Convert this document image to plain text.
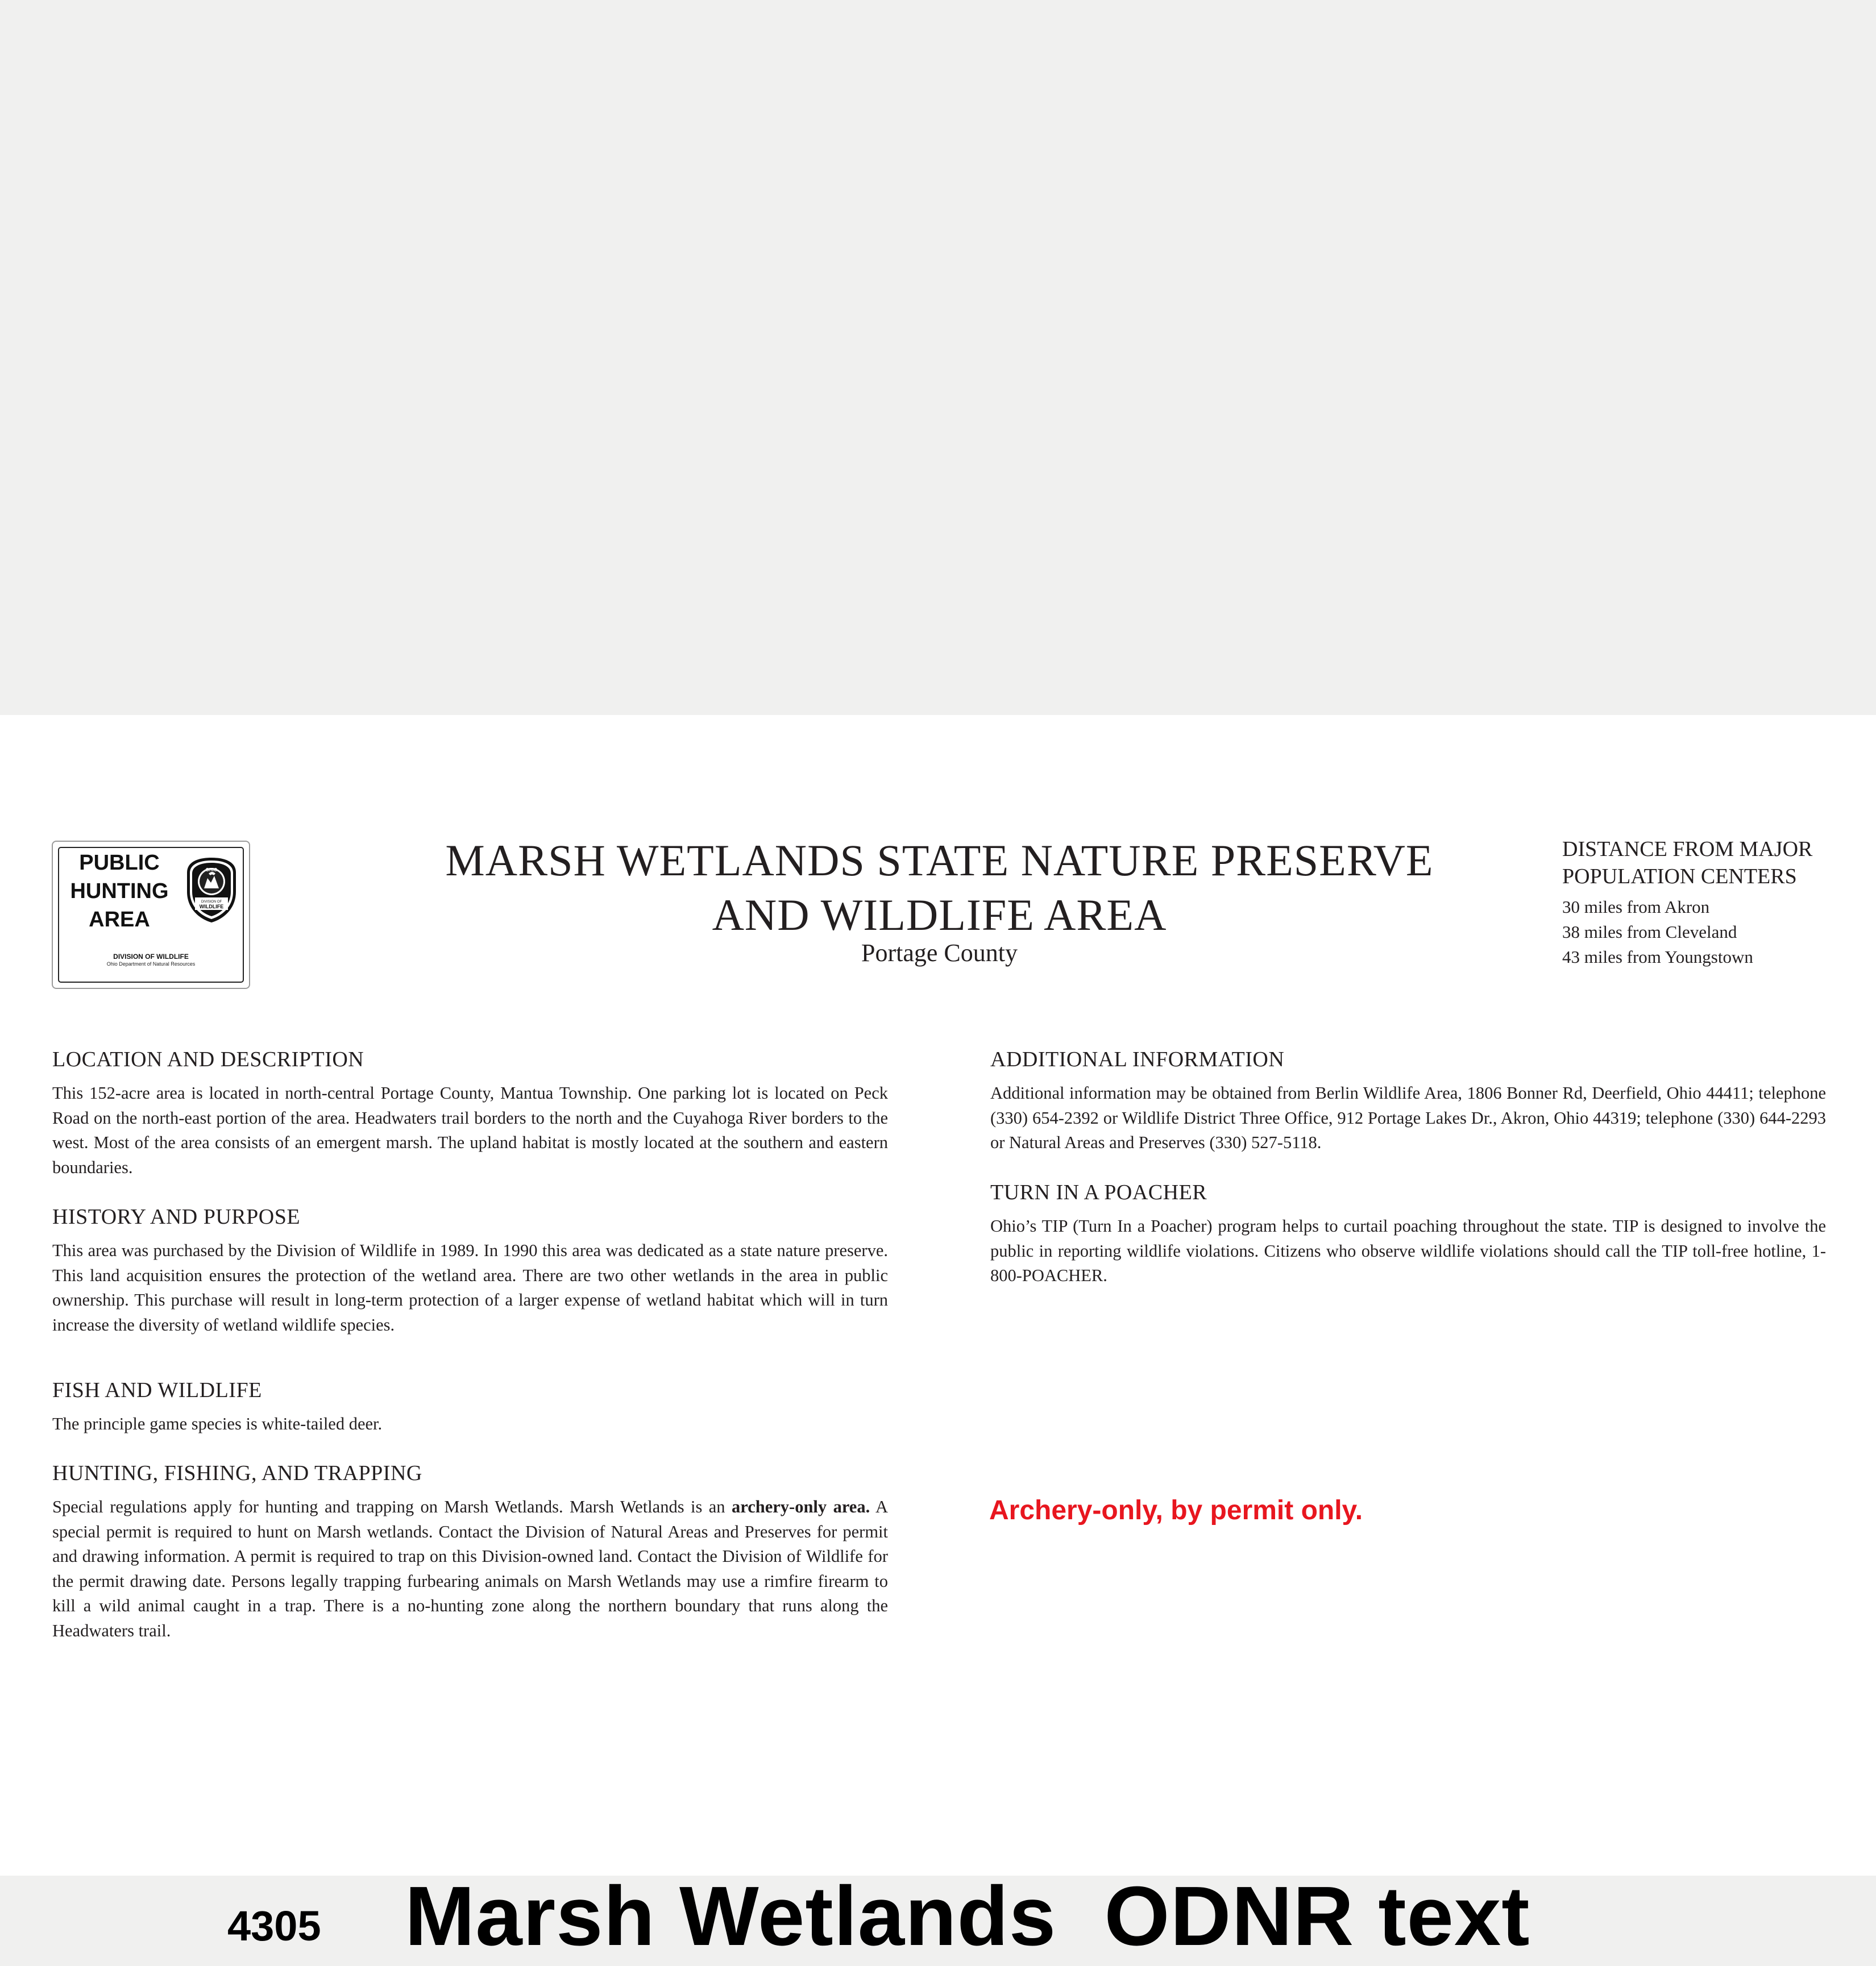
PUBLIC
HUNTING
AREA
OHIO
DIVISION OF
WILDLIFE
DIVISION OF WILDLIFE
Ohio Department of Natural Resources
MARSH WETLANDS STATE NATURE PRESERVE
AND WILDLIFE AREA
Portage County
DISTANCE FROM MAJOR
POPULATION CENTERS
30 miles from Akron
38 miles from Cleveland
43 miles from Youngstown
LOCATION AND DESCRIPTION

This 152-acre area is located in north-central Portage County, Mantua Township. One parking lot is located on Peck Road on the north-east portion of the area. Headwaters trail borders to the north and the Cuyahoga River borders to the west. Most of the area consists of an emergent marsh. The upland habitat is mostly located at the southern and eastern boundaries.

HISTORY AND PURPOSE

This area was purchased by the Division of Wildlife in 1989. In 1990 this area was dedicated as a state nature preserve. This land acquisition ensures the protection of the wetland area. There are two other wetlands in the area in public ownership. This purchase will result in long-term protection of a larger expense of wetland habitat which will in turn increase the diversity of wetland wildlife species.

FISH AND WILDLIFE

The principle game species is white-tailed deer.

HUNTING, FISHING, AND TRAPPING

Special regulations apply for hunting and trapping on Marsh Wetlands. Marsh Wetlands is an archery-only area. A special permit is required to hunt on Marsh wetlands. Contact the Division of Natural Areas and Preserves for permit and drawing information. A permit is required to trap on this Division-owned land. Contact the Division of Wildlife for the permit drawing date. Persons legally trapping furbearing animals on Marsh Wetlands may use a rimfire firearm to kill a wild animal caught in a trap. There is a no-hunting zone along the northern boundary that runs along the Headwaters trail.

ADDITIONAL INFORMATION

Additional information may be obtained from Berlin Wildlife Area, 1806 Bonner Rd, Deerfield, Ohio 44411; telephone (330) 654-2392 or Wildlife District Three Office, 912 Portage Lakes Dr., Akron, Ohio 44319; telephone (330) 644-2293 or Natural Areas and Preserves (330) 527-5118.

TURN IN A POACHER

Ohio’s TIP (Turn In a Poacher) program helps to curtail poaching throughout the state. TIP is designed to involve the public in reporting wildlife violations. Citizens who observe wildlife violations should call the TIP toll-free hotline, 1-800-POACHER.

Archery-only, by permit only.
4305 Marsh Wetlands  ODNR text
